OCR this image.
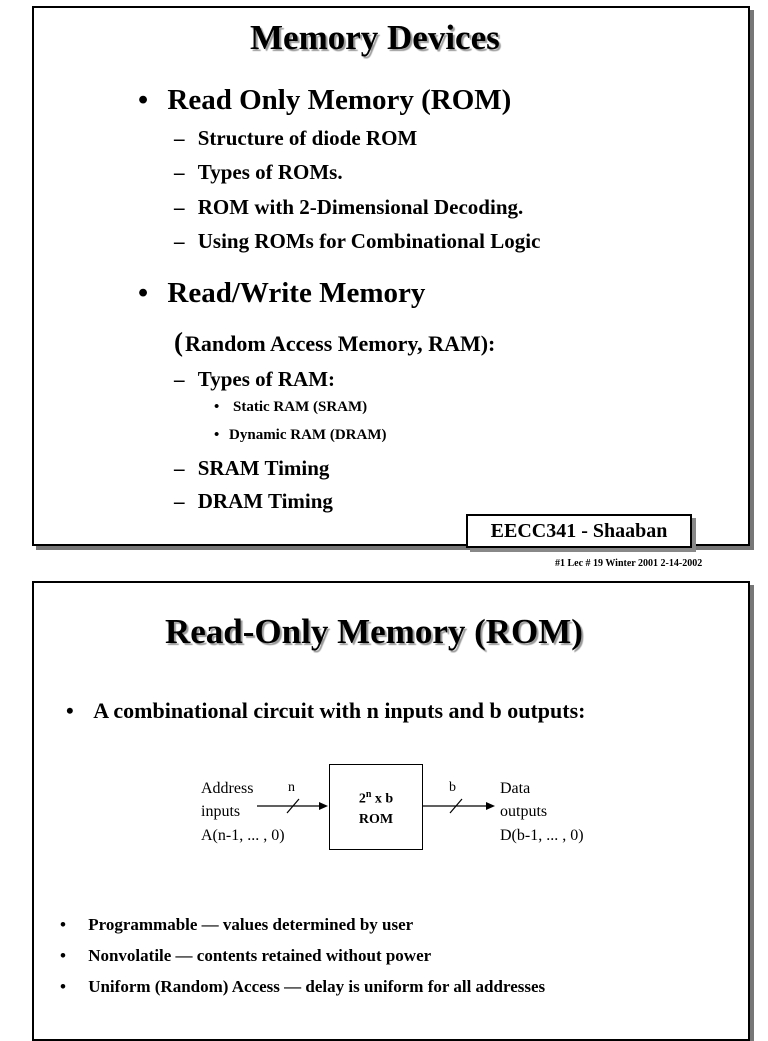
Memory Devices
• Read Only Memory (ROM)
– Structure of diode ROM
– Types of ROMs.
– ROM with 2-Dimensional Decoding.
– Using ROMs for Combinational Logic
• Read/Write Memory
(Random Access Memory, RAM):
– Types of RAM:
• Static RAM (SRAM)
• Dynamic RAM (DRAM)
– SRAM Timing
– DRAM Timing
EECC341 - Shaaban
#1 Lec # 19 Winter 2001 2-14-2002
Read-Only Memory (ROM)
• A combinational circuit with n inputs and b outputs:
Address
inputs
A(n-1, ... , 0)
n
2$^n$ x b
ROM
b	Data
outputs
D(b-1, ... , 0)
• Programmable — values determined by user
• Nonvolatile — contents retained without power
• Uniform (Random) Access — delay is uniform for all addresses
